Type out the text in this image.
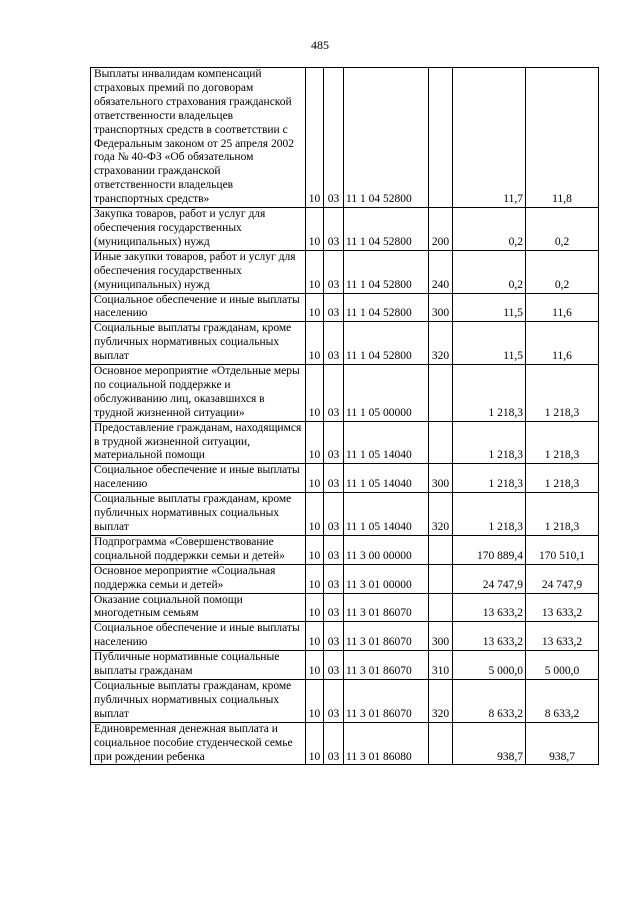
485
Выплаты инвалидам компенсаций страховых премий по договорам обязательного страхования гражданской ответственности владельцев транспортных средств в соответствии с Федеральным законом от 25 апреля 2002 года № 40-ФЗ «Об обязательном страховании гражданской ответственности владельцев транспортных средств»	10	03	11 1 04 52800		11,7	11,8
Закупка товаров, работ и услуг для обеспечения государственных (муниципальных) нужд	10	03	11 1 04 52800	200	0,2	0,2
Иные закупки товаров, работ и услуг для обеспечения государственных (муниципальных) нужд	10	03	11 1 04 52800	240	0,2	0,2
Социальное обеспечение и иные выплаты населению	10	03	11 1 04 52800	300	11,5	11,6
Социальные выплаты гражданам, кроме публичных нормативных социальных выплат	10	03	11 1 04 52800	320	11,5	11,6
Основное мероприятие «Отдельные меры по социальной поддержке и обслуживанию лиц, оказавшихся в трудной жизненной ситуации»	10	03	11 1 05 00000		1 218,3	1 218,3
Предоставление гражданам, находящимся в трудной жизненной ситуации, материальной помощи	10	03	11 1 05 14040		1 218,3	1 218,3
Социальное обеспечение и иные выплаты населению	10	03	11 1 05 14040	300	1 218,3	1 218,3
Социальные выплаты гражданам, кроме публичных нормативных социальных выплат	10	03	11 1 05 14040	320	1 218,3	1 218,3
Подпрограмма «Совершенствование социальной поддержки семьи и детей»	10	03	11 3 00 00000		170 889,4	170 510,1
Основное мероприятие «Социальная поддержка семьи и детей»	10	03	11 3 01 00000		24 747,9	24 747,9
Оказание социальной помощи многодетным семьям	10	03	11 3 01 86070		13 633,2	13 633,2
Социальное обеспечение и иные выплаты населению	10	03	11 3 01 86070	300	13 633,2	13 633,2
Публичные нормативные социальные выплаты гражданам	10	03	11 3 01 86070	310	5 000,0	5 000,0
Социальные выплаты гражданам, кроме публичных нормативных социальных выплат	10	03	11 3 01 86070	320	8 633,2	8 633,2
Единовременная денежная выплата и социальное пособие студенческой семье при рождении ребенка	10	03	11 3 01 86080		938,7	938,7
